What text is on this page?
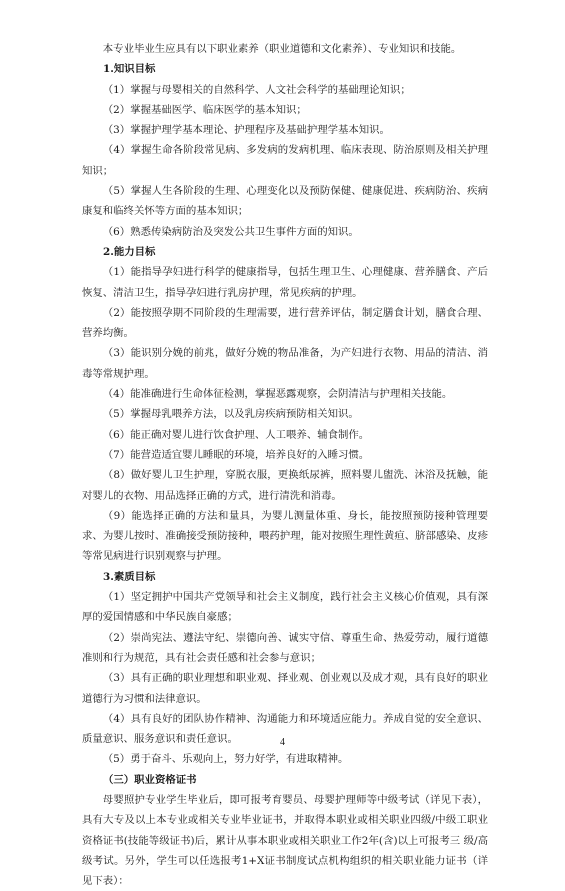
本专业毕业生应具有以下职业素养（职业道德和文化素养）、专业知识和技能。

1.知识目标

（1）掌握与母婴相关的自然科学、人文社会科学的基础理论知识；

（2）掌握基础医学、临床医学的基本知识；

（3）掌握护理学基本理论、护理程序及基础护理学基本知识。

（4）掌握生命各阶段常见病、多发病的发病机理、临床表现、防治原则及相关护理知识；

（5）掌握人生各阶段的生理、心理变化以及预防保健、健康促进、疾病防治、疾病康复和临终关怀等方面的基本知识；

（6）熟悉传染病防治及突发公共卫生事件方面的知识。

2.能力目标

（1）能指导孕妇进行科学的健康指导，包括生理卫生、心理健康、营养膳食、产后恢复、清洁卫生，指导孕妇进行乳房护理，常见疾病的护理。

（2）能按照孕期不同阶段的生理需要，进行营养评估，制定膳食计划，膳食合理、营养均衡。

（3）能识别分娩的前兆，做好分娩的物品准备，为产妇进行衣物、用品的清洁、消毒等常规护理。

（4）能准确进行生命体征检测，掌握恶露观察，会阴清洁与护理相关技能。

（5）掌握母乳喂养方法，以及乳房疾病预防相关知识。

（6）能正确对婴儿进行饮食护理、人工喂养、辅食制作。

（7）能营造适宜婴儿睡眠的环境，培养良好的入睡习惯。

（8）做好婴儿卫生护理，穿脱衣服，更换纸尿裤，照料婴儿盥洗、沐浴及抚触，能对婴儿的衣物、用品选择正确的方式，进行清洗和消毒。

（9）能选择正确的方法和量具，为婴儿测量体重、身长，能按照预防接种管理要求、为婴儿按时、准确接受预防接种，喂药护理，能对按照生理性黄疸、脐部感染、皮疹等常见病进行识别观察与护理。

3.素质目标

（1）坚定拥护中国共产党领导和社会主义制度，践行社会主义核心价值观，具有深厚的爱国情感和中华民族自豪感；

（2）崇尚宪法、遵法守纪、崇德向善、诚实守信、尊重生命、热爱劳动，履行道德准则和行为规范，具有社会责任感和社会参与意识；

（3）具有正确的职业理想和职业观、择业观、创业观以及成才观，具有良好的职业道德行为习惯和法律意识。

（4）具有良好的团队协作精神、沟通能力和环境适应能力。养成自觉的安全意识、质量意识、服务意识和责任意识。

（5）勇于奋斗、乐观向上，努力好学，有进取精神。

（三）职业资格证书

母婴照护专业学生毕业后，即可报考育婴员、母婴护理师等中级考试（详见下表），具有大专及以上本专业或相关专业毕业证书，并取得本职业或相关职业四级/中级工职业资格证书(技能等级证书)后，累计从事本职业或相关职业工作2年(含)以上可报考三 级/高级考试。另外，学生可以任选报考1+X证书制度试点机构组织的相关职业能力证书（详见下表）：

4
